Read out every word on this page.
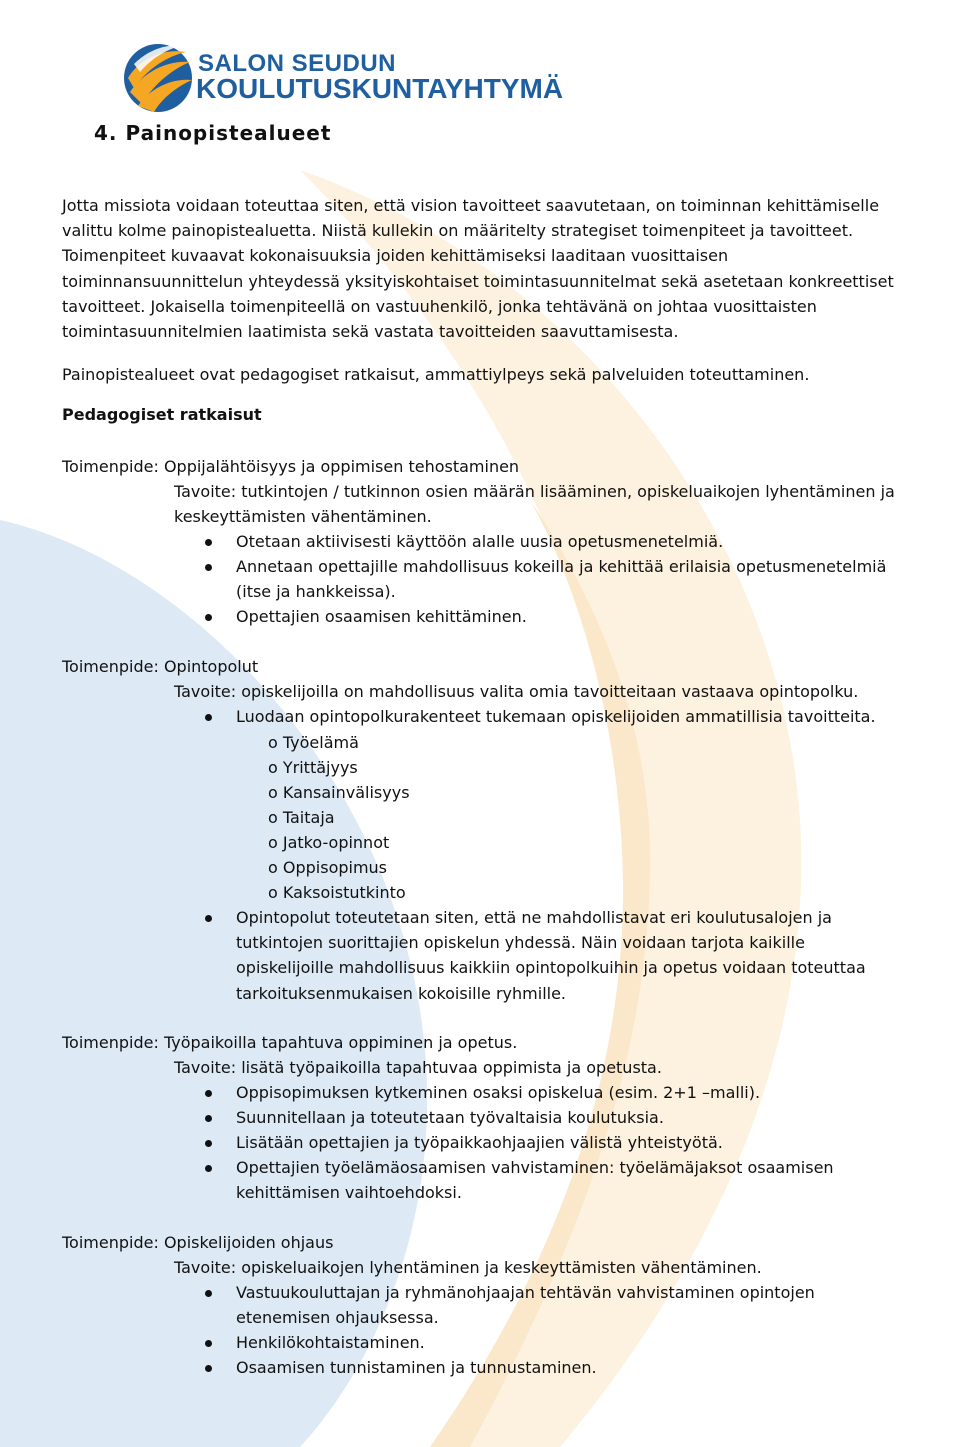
SALON SEUDUN
KOULUTUSKUNTAYHTYMÄ
4. Painopistealueet
Jotta missiota voidaan toteuttaa siten, että vision tavoitteet saavutetaan, on toiminnan kehittämiselle
valittu kolme painopistealuetta. Niistä kullekin on määritelty strategiset toimenpiteet ja tavoitteet.
Toimenpiteet kuvaavat kokonaisuuksia joiden kehittämiseksi laaditaan vuosittaisen
toiminnansuunnittelun yhteydessä yksityiskohtaiset toimintasuunnitelmat sekä asetetaan konkreettiset
tavoitteet. Jokaisella toimenpiteellä on vastuuhenkilö, jonka tehtävänä on johtaa vuosittaisten
toimintasuunnitelmien laatimista sekä vastata tavoitteiden saavuttamisesta.
Painopistealueet ovat pedagogiset ratkaisut, ammattiylpeys sekä palveluiden toteuttaminen.
Pedagogiset ratkaisut
Toimenpide: Oppijalähtöisyys ja oppimisen tehostaminen
Tavoite: tutkintojen / tutkinnon osien määrän lisääminen, opiskeluaikojen lyhentäminen ja
keskeyttämisten vähentäminen.
Otetaan aktiivisesti käyttöön alalle uusia opetusmenetelmiä.
Annetaan opettajille mahdollisuus kokeilla ja kehittää erilaisia opetusmenetelmiä
(itse ja hankkeissa).
Opettajien osaamisen kehittäminen.
Toimenpide: Opintopolut
Tavoite: opiskelijoilla on mahdollisuus valita omia tavoitteitaan vastaava opintopolku.
Luodaan opintopolkurakenteet tukemaan opiskelijoiden ammatillisia tavoitteita.
o Työelämä
o Yrittäjyys
o Kansainvälisyys
o Taitaja
o Jatko-opinnot
o Oppisopimus
o Kaksoistutkinto
Opintopolut toteutetaan siten, että ne mahdollistavat eri koulutusalojen ja
tutkintojen suorittajien opiskelun yhdessä. Näin voidaan tarjota kaikille
opiskelijoille mahdollisuus kaikkiin opintopolkuihin ja opetus voidaan toteuttaa
tarkoituksenmukaisen kokoisille ryhmille.
Toimenpide: Työpaikoilla tapahtuva oppiminen ja opetus.
Tavoite: lisätä työpaikoilla tapahtuvaa oppimista ja opetusta.
Oppisopimuksen kytkeminen osaksi opiskelua (esim. 2+1 –malli).
Suunnitellaan ja toteutetaan työvaltaisia koulutuksia.
Lisätään opettajien ja työpaikkaohjaajien välistä yhteistyötä.
Opettajien työelämäosaamisen vahvistaminen: työelämäjaksot osaamisen
kehittämisen vaihtoehdoksi.
Toimenpide: Opiskelijoiden ohjaus
Tavoite: opiskeluaikojen lyhentäminen ja keskeyttämisten vähentäminen.
Vastuukouluttajan ja ryhmänohjaajan tehtävän vahvistaminen opintojen
etenemisen ohjauksessa.
Henkilökohtaistaminen.
Osaamisen tunnistaminen ja tunnustaminen.
